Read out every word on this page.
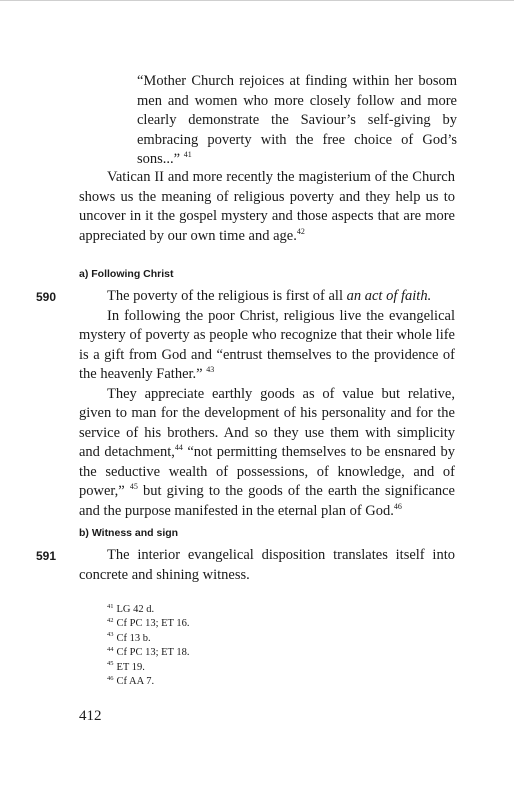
“Mother Church rejoices at finding within her bosom men and women who more closely follow and more clearly demonstrate the Saviour’s self-giving by embracing poverty with the free choice of God’s sons...” $^{41}$

Vatican II and more recently the magisterium of the Church shows us the meaning of religious poverty and they help us to uncover in it the gospel mystery and those aspects that are more appreciated by our own time and age.$^{42}$

a) Following Christ
590	The poverty of the religious is first of all an act of faith.

In following the poor Christ, religious live the evangelical mystery of poverty as people who recognize that their whole life is a gift from God and “entrust themselves to the providence of the heavenly Father.” $^{43}$

They appreciate earthly goods as of value but relative, given to man for the development of his personality and for the service of his brothers. And so they use them with simplicity and detachment,$^{44}$ “not permitting themselves to be ensnared by the seductive wealth of possessions, of knowledge, and of power,” $^{45}$ but giving to the goods of the earth the significance and the purpose manifested in the eternal plan of God.$^{46}$

b) Witness and sign
591	The interior evangelical disposition translates itself into concrete and shining witness.

$^{41}$ LG 42 d.
$^{42}$ Cf PC 13; ET 16.
$^{43}$ Cf 13 b.
$^{44}$ Cf PC 13; ET 18.
$^{45}$ ET 19.
$^{46}$ Cf AA 7.
412
